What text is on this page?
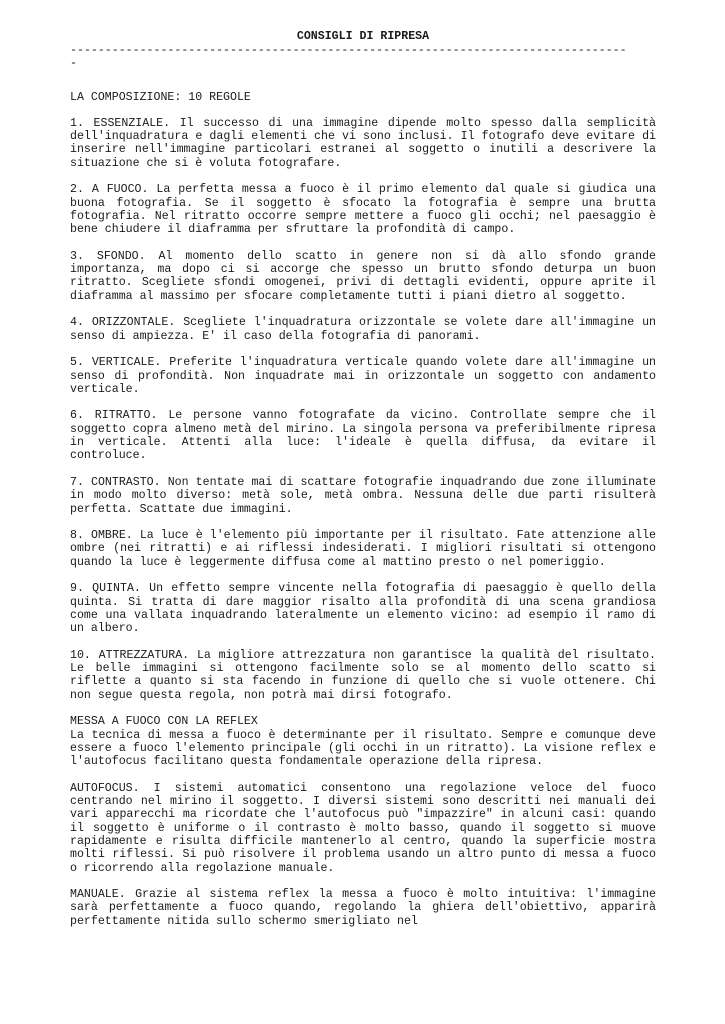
CONSIGLI DI RIPRESA
--------------------------------------------------------------------------------
-
LA COMPOSIZIONE: 10 REGOLE
1. ESSENZIALE. Il successo di una immagine dipende molto spesso dalla semplicità dell'inquadratura e dagli elementi che vi sono inclusi. Il fotografo deve evitare di inserire nell'immagine particolari estranei al soggetto o inutili a descrivere la situazione che si è voluta fotografare.
2. A FUOCO. La perfetta messa a fuoco è il primo elemento dal quale si giudica una buona fotografia. Se il soggetto è sfocato la fotografia è sempre una brutta fotografia. Nel ritratto occorre sempre mettere a fuoco gli occhi; nel paesaggio è bene chiudere il diaframma per sfruttare la profondità di campo.
3. SFONDO. Al momento dello scatto in genere non si dà allo sfondo grande importanza, ma dopo ci si accorge che spesso un brutto sfondo deturpa un buon ritratto. Scegliete sfondi omogenei, privi di dettagli evidenti, oppure aprite il diaframma al massimo per sfocare completamente tutti i piani dietro al soggetto.
4. ORIZZONTALE. Scegliete l'inquadratura orizzontale se volete dare all'immagine un senso di ampiezza. E' il caso della fotografia di panorami.
5. VERTICALE. Preferite l'inquadratura verticale quando volete dare all'immagine un senso di profondità. Non inquadrate mai in orizzontale un soggetto con andamento verticale.
6. RITRATTO. Le persone vanno fotografate da vicino. Controllate sempre che il soggetto copra almeno metà del mirino. La singola persona va preferibilmente ripresa in verticale. Attenti alla luce: l'ideale è quella diffusa, da evitare il controluce.
7. CONTRASTO. Non tentate mai di scattare fotografie inquadrando due zone illuminate in modo molto diverso: metà sole, metà ombra. Nessuna delle due parti risulterà perfetta. Scattate due immagini.
8. OMBRE. La luce è l'elemento più importante per il risultato. Fate attenzione alle ombre (nei ritratti) e ai riflessi indesiderati. I migliori risultati si ottengono quando la luce è leggermente diffusa come al mattino presto o nel pomeriggio.
9. QUINTA. Un effetto sempre vincente nella fotografia di paesaggio è quello della quinta. Si tratta di dare maggior risalto alla profondità di una scena grandiosa come una vallata inquadrando lateralmente un elemento vicino: ad esempio il ramo di un albero.
10. ATTREZZATURA. La migliore attrezzatura non garantisce la qualità del risultato. Le belle immagini si ottengono facilmente solo se al momento dello scatto si riflette a quanto si sta facendo in funzione di quello che si vuole ottenere. Chi non segue questa regola, non potrà mai dirsi fotografo.
MESSA A FUOCO CON LA REFLEX
La tecnica di messa a fuoco è determinante per il risultato. Sempre e comunque deve essere a fuoco l'elemento principale (gli occhi in un ritratto). La visione reflex e l'autofocus facilitano questa fondamentale operazione della ripresa.
AUTOFOCUS. I sistemi automatici consentono una regolazione veloce del fuoco centrando nel mirino il soggetto. I diversi sistemi sono descritti nei manuali dei vari apparecchi ma ricordate che l'autofocus può "impazzire" in alcuni casi: quando il soggetto è uniforme o il contrasto è molto basso, quando il soggetto si muove rapidamente e risulta difficile mantenerlo al centro, quando la superficie mostra molti riflessi. Si può risolvere il problema usando un altro punto di messa a fuoco o ricorrendo alla regolazione manuale.
MANUALE. Grazie al sistema reflex la messa a fuoco è molto intuitiva: l'immagine sarà perfettamente a fuoco quando, regolando la ghiera dell'obiettivo, apparirà perfettamente nitida sullo schermo smerigliato nel
